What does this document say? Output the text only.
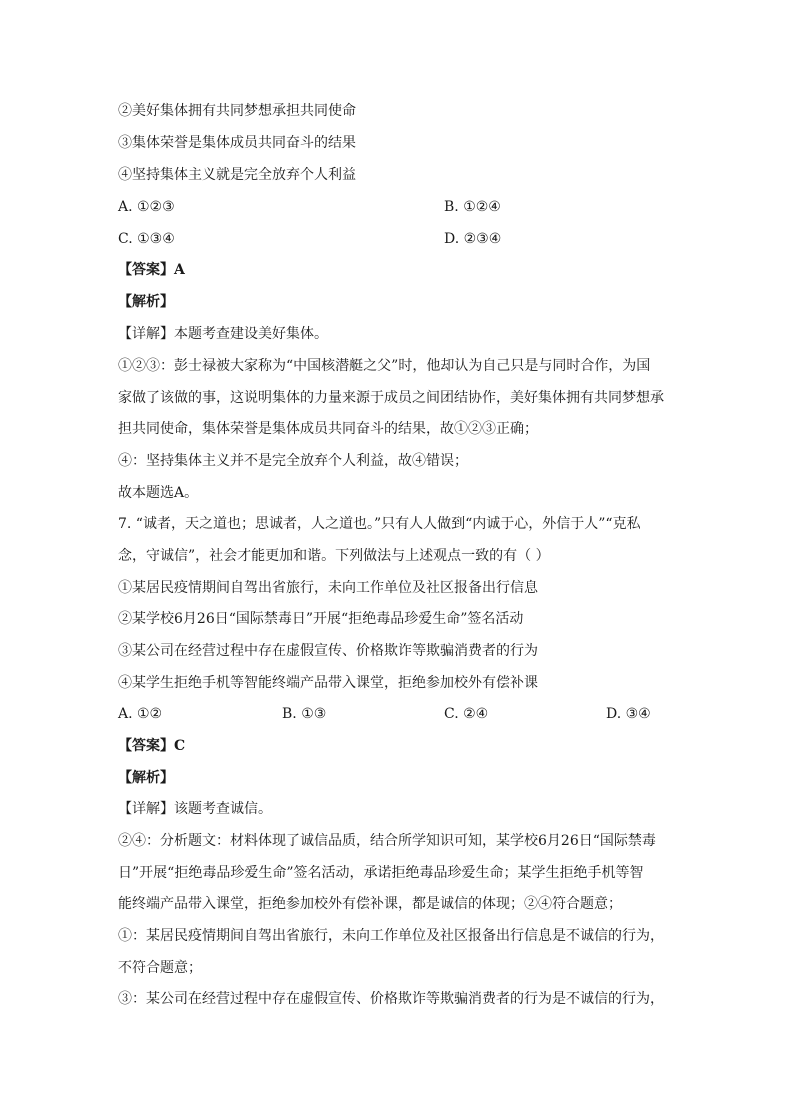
②美好集体拥有共同梦想承担共同使命
③集体荣誉是集体成员共同奋斗的结果
④坚持集体主义就是完全放弃个人利益
A. ①②③	B. ①②④
C. ①③④	D. ②③④
【答案】A
【解析】
【详解】本题考查建设美好集体。
①②③：彭士禄被大家称为“中国核潜艇之父”时，他却认为自己只是与同时合作，为国
家做了该做的事，这说明集体的力量来源于成员之间团结协作，美好集体拥有共同梦想承
担共同使命，集体荣誉是集体成员共同奋斗的结果，故①②③正确；
④：坚持集体主义并不是完全放弃个人利益，故④错误；
故本题选A。
7. “诚者，天之道也；思诚者，人之道也。”只有人人做到“内诚于心，外信于人”“克私
念，守诚信”，社会才能更加和谐。下列做法与上述观点一致的有（ ）
①某居民疫情期间自驾出省旅行，未向工作单位及社区报备出行信息
②某学校6月26日“国际禁毒日”开展“拒绝毒品珍爱生命”签名活动
③某公司在经营过程中存在虚假宣传、价格欺诈等欺骗消费者的行为
④某学生拒绝手机等智能终端产品带入课堂，拒绝参加校外有偿补课
A. ①②	B. ①③	C. ②④	D. ③④
【答案】C
【解析】
【详解】该题考查诚信。
②④：分析题文：材料体现了诚信品质，结合所学知识可知，某学校6月26日“国际禁毒
日”开展“拒绝毒品珍爱生命”签名活动，承诺拒绝毒品珍爱生命；某学生拒绝手机等智
能终端产品带入课堂，拒绝参加校外有偿补课，都是诚信的体现；②④符合题意；
①：某居民疫情期间自驾出省旅行，未向工作单位及社区报备出行信息是不诚信的行为，
不符合题意；
③：某公司在经营过程中存在虚假宣传、价格欺诈等欺骗消费者的行为是不诚信的行为，
